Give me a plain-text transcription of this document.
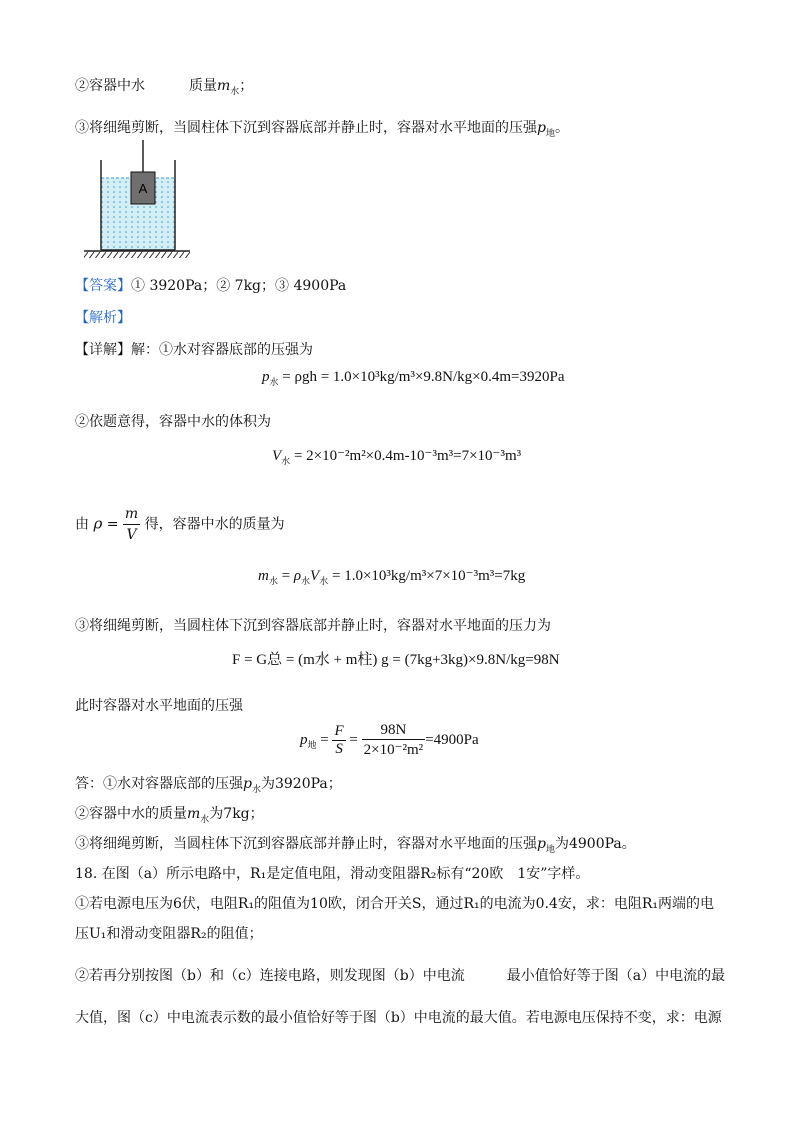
②容器中水	质量$m_水$；
③将细绳剪断，当圆柱体下沉到容器底部并静止时，容器对水平地面的压强$p_地$。
A
【答案】① 3920Pa；② 7kg；③ 4900Pa
【解析】
【详解】解：①水对容器底部的压强为
$p_水 = \rho gh = 1.0\times 10^3kg/m^3\times 9.8N/kg\times 0.4m=3920Pa$
②依题意得，容器中水的体积为
$V_水 = 2\times 10^{-2}m^2\times 0.4m-10^{-3}m^3=7\times 10^{-3}m^3$
由 $\rho = \frac{m}{V}$ 得，容器中水的质量为
$m_水 = \rho_水V_水 = 1.0\times 10^3kg/m^3\times 7\times 10^{-3}m^3=7kg$
③将细绳剪断，当圆柱体下沉到容器底部并静止时，容器对水平地面的压力为
F = G总 = (m水 + m柱) g = (7kg+3kg)×9.8N/kg=98N
此时容器对水平地面的压强
$p_地 = \frac{F}{S} = \frac{98N}{\text{2×10⁻²m²}} =4900Pa$
答：①水对容器底部的压强$p_水$为3920Pa；
②容器中水的质量$m_水$为7kg；
③将细绳剪断，当圆柱体下沉到容器底部并静止时，容器对水平地面的压强$p_地$为4900Pa。
18. 在图（a）所示电路中，R₁是定值电阻，滑动变阻器R₂标有“20欧　1安”字样。
①若电源电压为6伏，电阻R₁的阻值为10欧，闭合开关S，通过R₁的电流为0.4安，求：电阻R₁两端的电
压U₁和滑动变阻器R₂的阻值；
②若再分别按图（b）和（c）连接电路，则发现图（b）中电流　　　最小值恰好等于图（a）中电流的最
大值，图（c）中电流表示数的最小值恰好等于图（b）中电流的最大值。若电源电压保持不变，求：电源
